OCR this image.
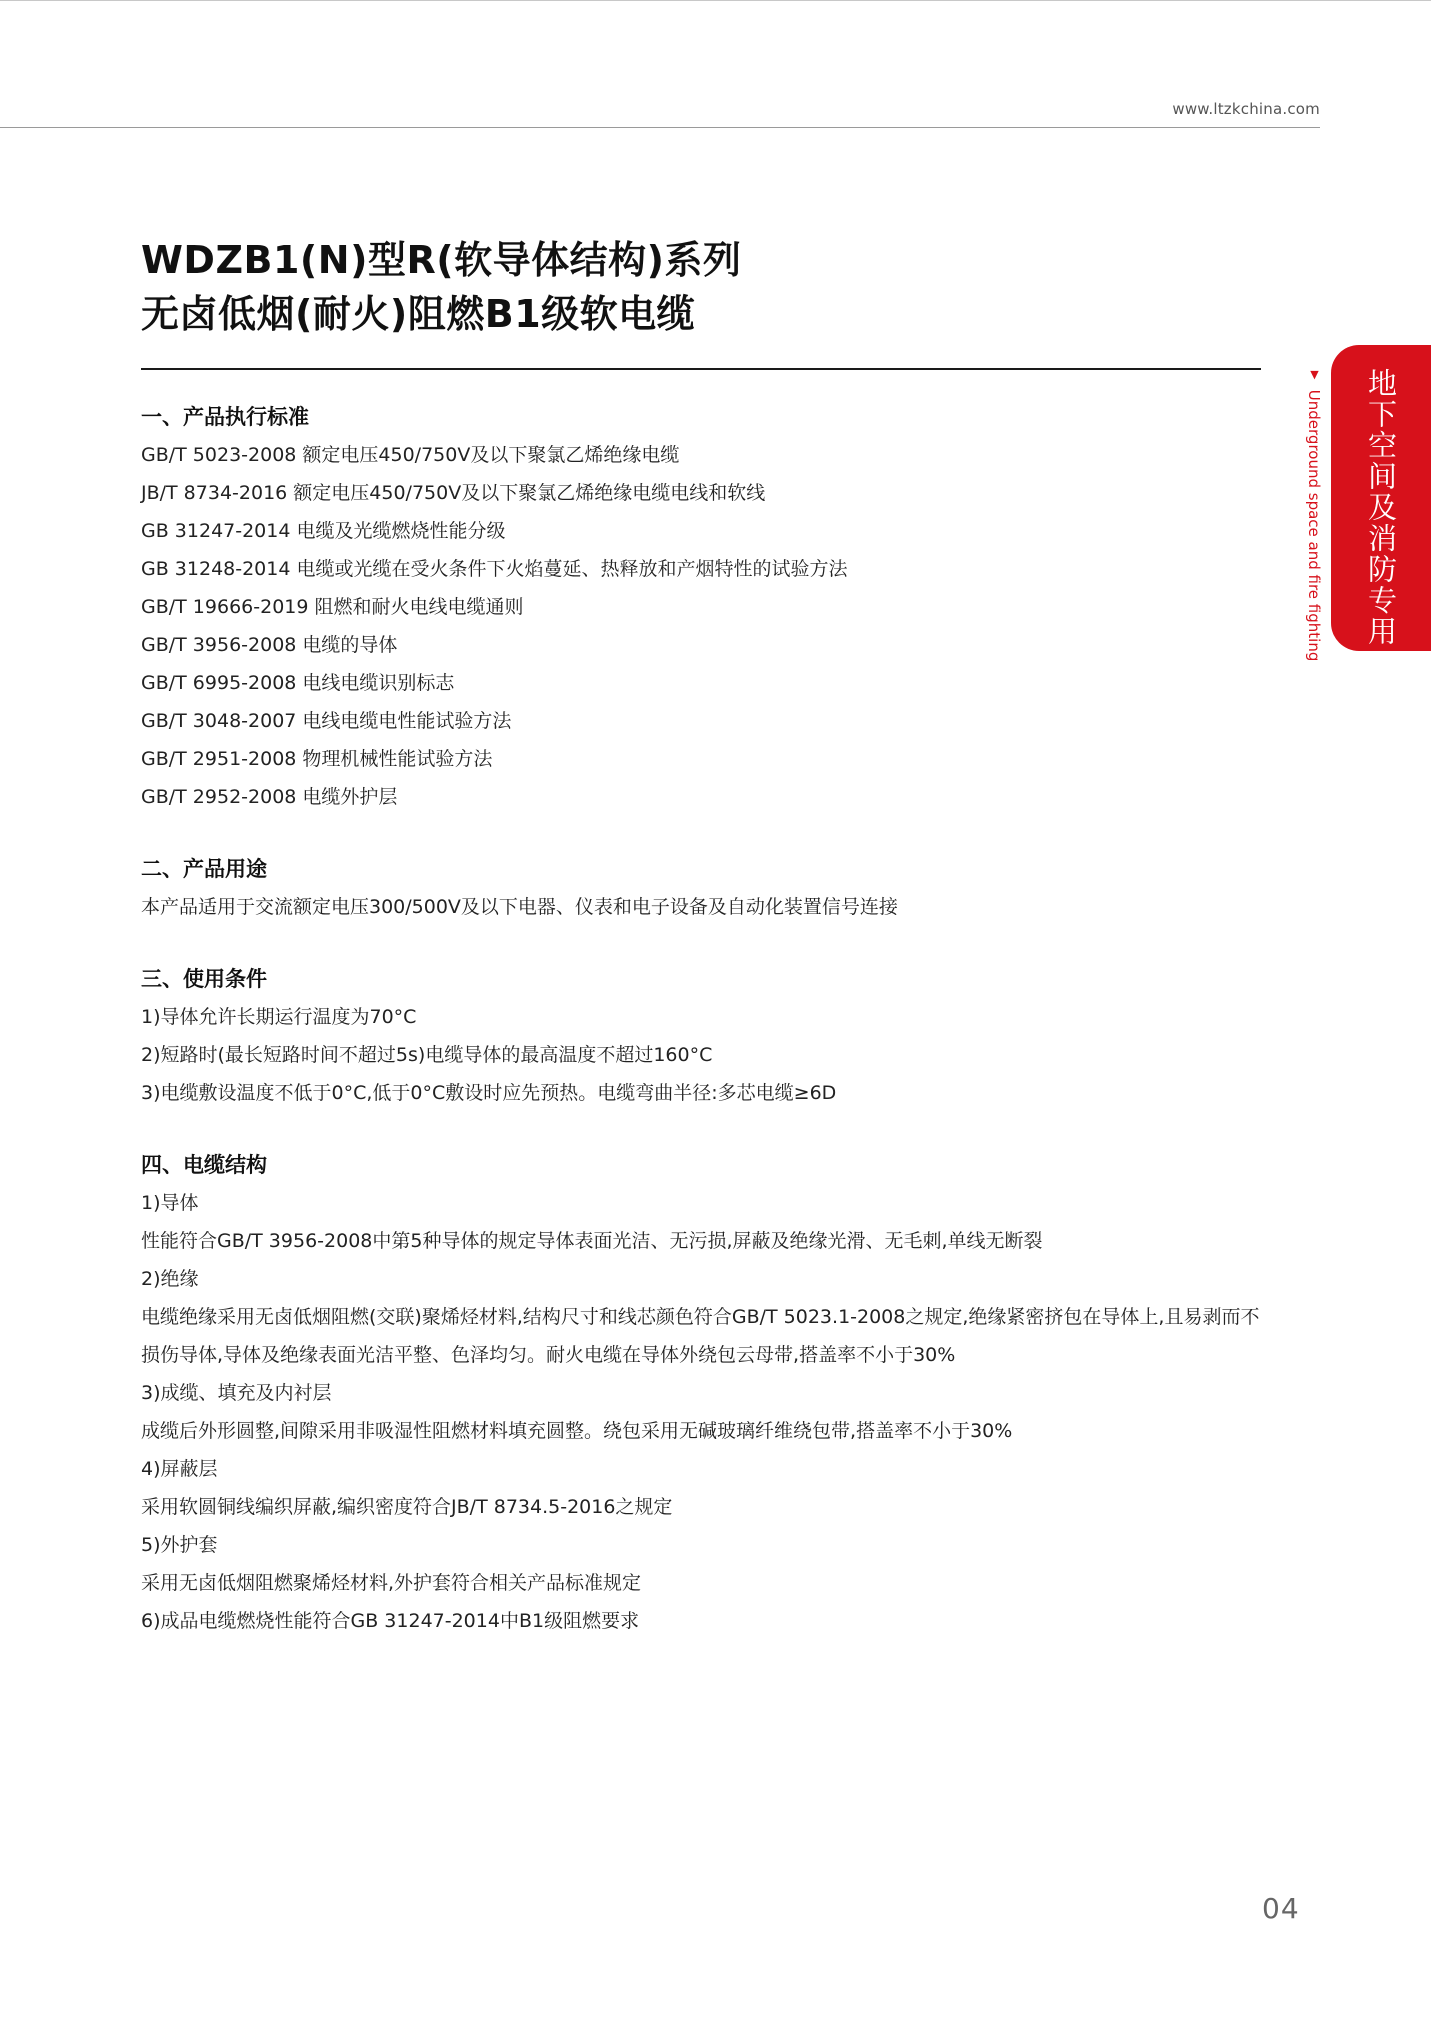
www.ltzkchina.com
WDZB1(N)型R(软导体结构)系列
无卤低烟(耐火)阻燃B1级软电缆
地下空间及消防专用
▼ Underground space and fire fighting
一、产品执行标准
GB/T 5023-2008 额定电压450/750V及以下聚氯乙烯绝缘电缆
JB/T 8734-2016 额定电压450/750V及以下聚氯乙烯绝缘电缆电线和软线
GB 31247-2014 电缆及光缆燃烧性能分级
GB 31248-2014 电缆或光缆在受火条件下火焰蔓延、热释放和产烟特性的试验方法
GB/T 19666-2019 阻燃和耐火电线电缆通则
GB/T 3956-2008 电缆的导体
GB/T 6995-2008 电线电缆识别标志
GB/T 3048-2007 电线电缆电性能试验方法
GB/T 2951-2008 物理机械性能试验方法
GB/T 2952-2008 电缆外护层
二、产品用途
本产品适用于交流额定电压300/500V及以下电器、仪表和电子设备及自动化装置信号连接
三、使用条件
1)导体允许长期运行温度为70°C
2)短路时(最长短路时间不超过5s)电缆导体的最高温度不超过160°C
3)电缆敷设温度不低于0°C,低于0°C敷设时应先预热。电缆弯曲半径:多芯电缆≥6D
四、电缆结构
1)导体
性能符合GB/T 3956-2008中第5种导体的规定导体表面光洁、无污损,屏蔽及绝缘光滑、无毛刺,单线无断裂
2)绝缘
电缆绝缘采用无卤低烟阻燃(交联)聚烯烃材料,结构尺寸和线芯颜色符合GB/T 5023.1-2008之规定,绝缘紧密挤包在导体上,且易剥而不损伤导体,导体及绝缘表面光洁平整、色泽均匀。耐火电缆在导体外绕包云母带,搭盖率不小于30%
3)成缆、填充及内衬层
成缆后外形圆整,间隙采用非吸湿性阻燃材料填充圆整。绕包采用无碱玻璃纤维绕包带,搭盖率不小于30%
4)屏蔽层
采用软圆铜线编织屏蔽,编织密度符合JB/T 8734.5-2016之规定
5)外护套
采用无卤低烟阻燃聚烯烃材料,外护套符合相关产品标准规定
6)成品电缆燃烧性能符合GB 31247-2014中B1级阻燃要求
04
